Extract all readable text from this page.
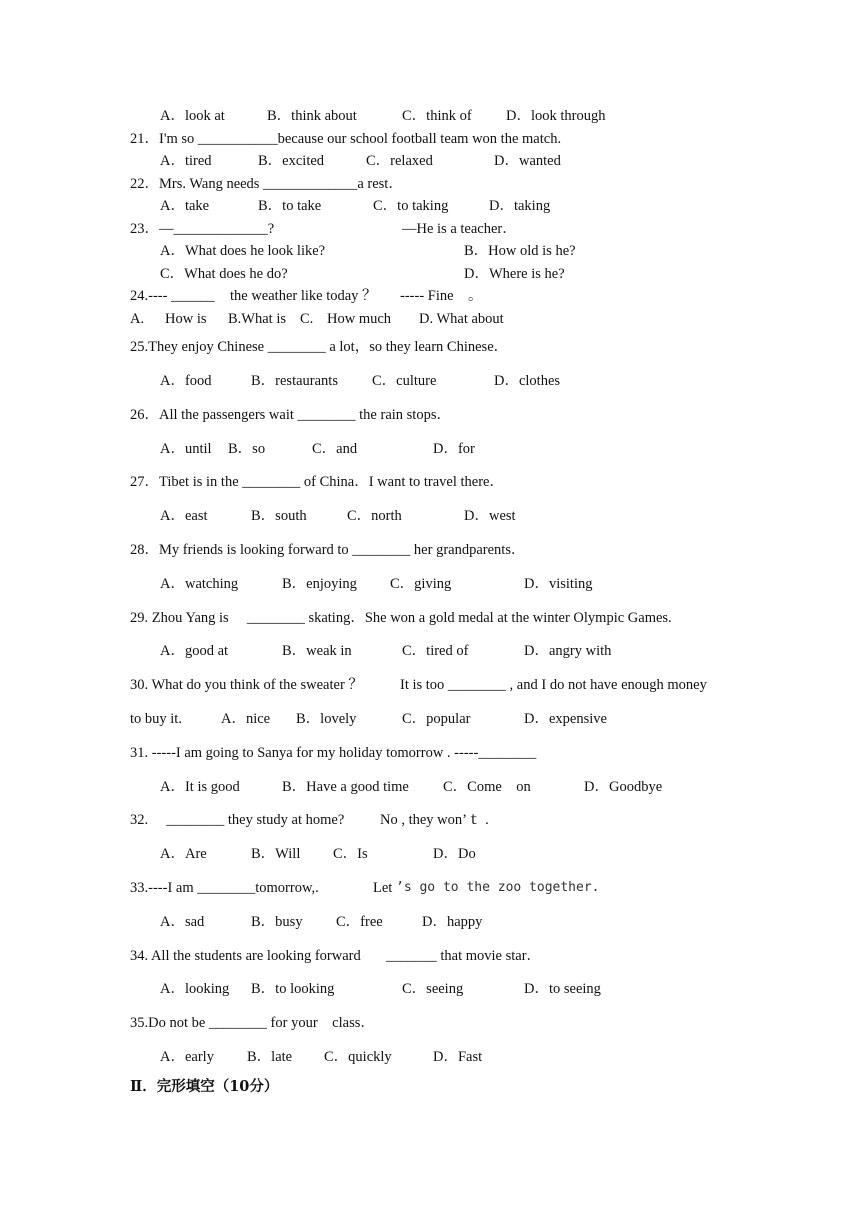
A．look at	B．think about	C．think of D．look through
21．I'm so ___________because our school football team won the match.
A．tired	B．excited	C．relaxed	D．wanted
22．Mrs. Wang needs _____________a rest．
A．take	B．to take	C．to taking	D．taking
23．—_____________?	—He is a teacher．
A．What does he look like?	B．How old is he?
C．What does he do?	D．Where is he?
24.---- ______ the weather like today ？ ----- Fine　。
A. How is B.What is C. How much D. What about
25.They enjoy Chinese ________ a lot，so they learn Chinese．
A．food	B．restaurants C．culture	D．clothes
26．All the passengers wait ________ the rain stops．
A．until B．so	C．and	D．for
27．Tibet is in the ________ of China．I want to travel there．
A．east	B．south	C．north	D．west
28．My friends is looking forward to ________ her grandparents．
A．watching	B．enjoying C．giving	D．visiting
29. Zhou Yang is　 ________ skating．She won a gold medal at the winter Olympic Games.
A．good at	B．weak in	C．tired of	D．angry with
30. What do you think of the sweater ？	It is too ________ , and I do not have enough money
to buy it.	A．nice B．lovely	C．popular	D．expensive
31. -----I am going to Sanya for my holiday tomorrow . -----________
A．It is good	B．Have a good time C．Come　on	D．Goodbye
32.　 ________ they study at home? No , they won’ｔ .
A．Are	B．Will C．Is	D．Do
33.----I am ________tomorrow,.	Let ’s go to the zoo together.
A．sad	B．busy C．free	D．happy
34. All the students are looking forward _______ that movie star．
A．looking B．to looking	C．seeing	D．to seeing
35.Do not be ________ for your　class．
A．early B．late C．quickly	D．Fast
Ⅱ．完形填空（10分）
